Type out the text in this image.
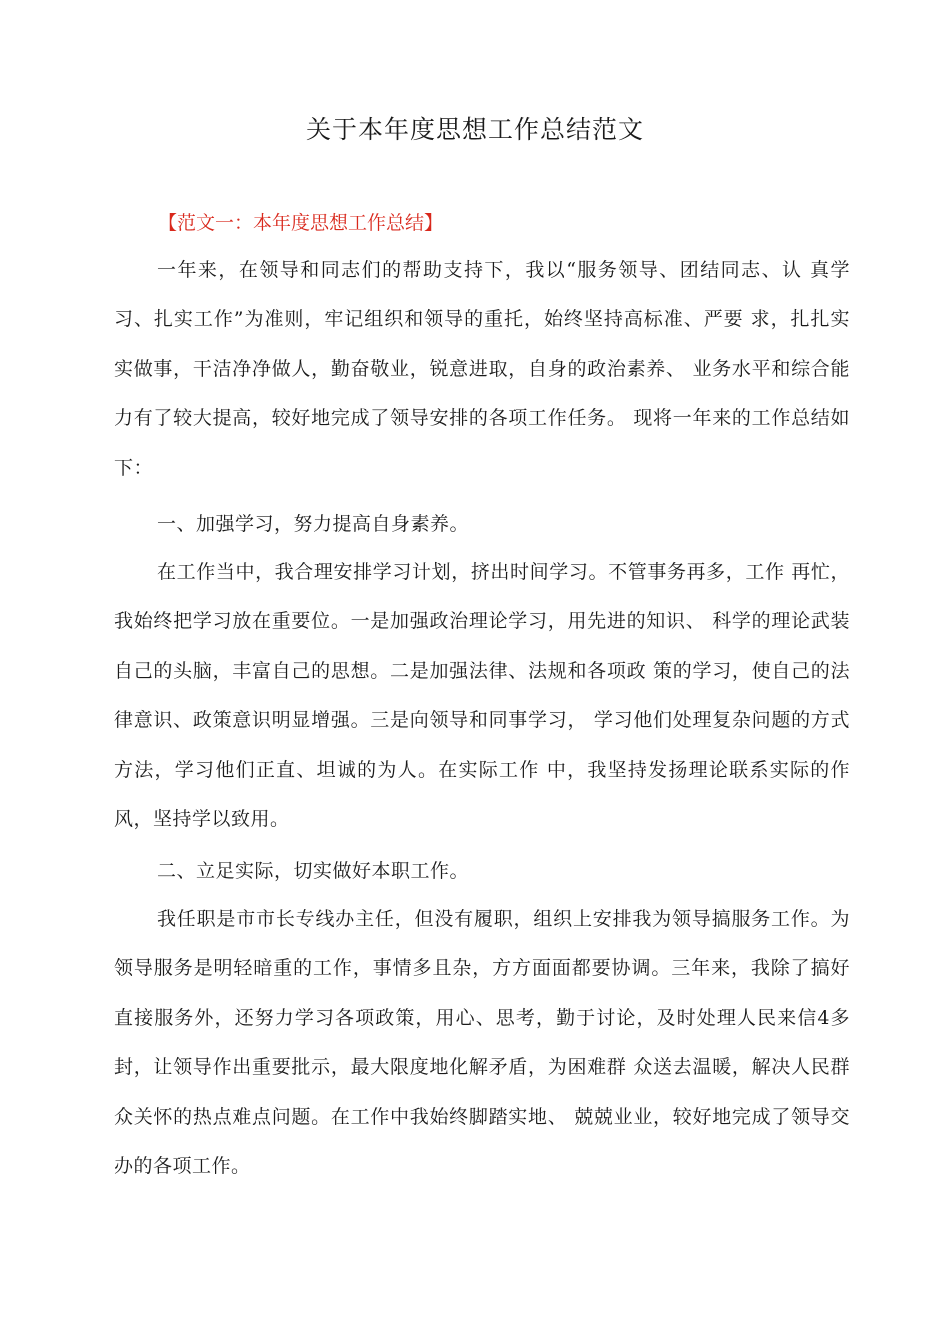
关于本年度思想工作总结范文
【范文一：本年度思想工作总结】

一年来，在领导和同志们的帮助支持下，我以“服务领导、团结同志、认 真学习、扎实工作”为准则，牢记组织和领导的重托，始终坚持高标准、严要 求，扎扎实实做事，干洁净净做人，勤奋敬业，锐意进取，自身的政治素养、 业务水平和综合能力有了较大提高，较好地完成了领导安排的各项工作任务。 现将一年来的工作总结如下：

一、加强学习，努力提高自身素养。

在工作当中，我合理安排学习计划，挤出时间学习。不管事务再多，工作 再忙，我始终把学习放在重要位。一是加强政治理论学习，用先进的知识、 科学的理论武装自己的头脑，丰富自己的思想。二是加强法律、法规和各项政 策的学习，使自己的法律意识、政策意识明显增强。三是向领导和同事学习， 学习他们处理复杂问题的方式方法，学习他们正直、坦诚的为人。在实际工作 中，我坚持发扬理论联系实际的作风，坚持学以致用。

二、立足实际，切实做好本职工作。

我任职是市市长专线办主任，但没有履职，组织上安排我为领导搞服务工作。为领导服务是明轻暗重的工作，事情多且杂，方方面面都要协调。三年来，我除了搞好直接服务外，还努力学习各项政策，用心、思考，勤于讨论，及时处理人民来信4多封，让领导作出重要批示，最大限度地化解矛盾，为困难群 众送去温暖，解决人民群众关怀的热点难点问题。在工作中我始终脚踏实地、 兢兢业业，较好地完成了领导交办的各项工作。
